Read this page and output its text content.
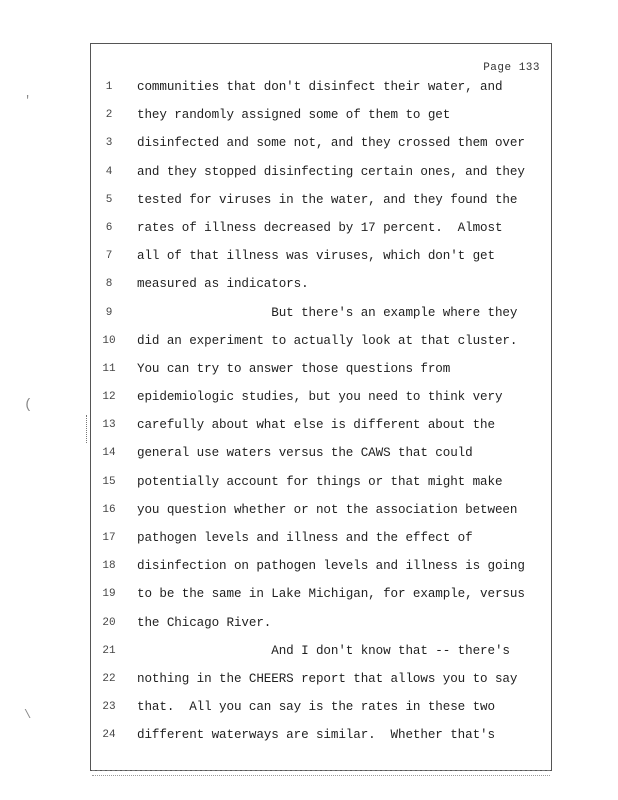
Page 133
1
2
3
4
5
6
7
8
9
10
11
12
13
14
15
16
17
18
19
20
21
22
23
24
communities that don't disinfect their water, and
they randomly assigned some of them to get
disinfected and some not, and they crossed them over
and they stopped disinfecting certain ones, and they
tested for viruses in the water, and they found the
rates of illness decreased by 17 percent.  Almost
all of that illness was viruses, which don't get
measured as indicators.
But there's an example where they
did an experiment to actually look at that cluster.
You can try to answer those questions from
epidemiologic studies, but you need to think very
carefully about what else is different about the
general use waters versus the CAWS that could
potentially account for things or that might make
you question whether or not the association between
pathogen levels and illness and the effect of
disinfection on pathogen levels and illness is going
to be the same in Lake Michigan, for example, versus
the Chicago River.
And I don't know that -- there's
nothing in the CHEERS report that allows you to say
that.  All you can say is the rates in these two
different waterways are similar.  Whether that's
'
(
\
